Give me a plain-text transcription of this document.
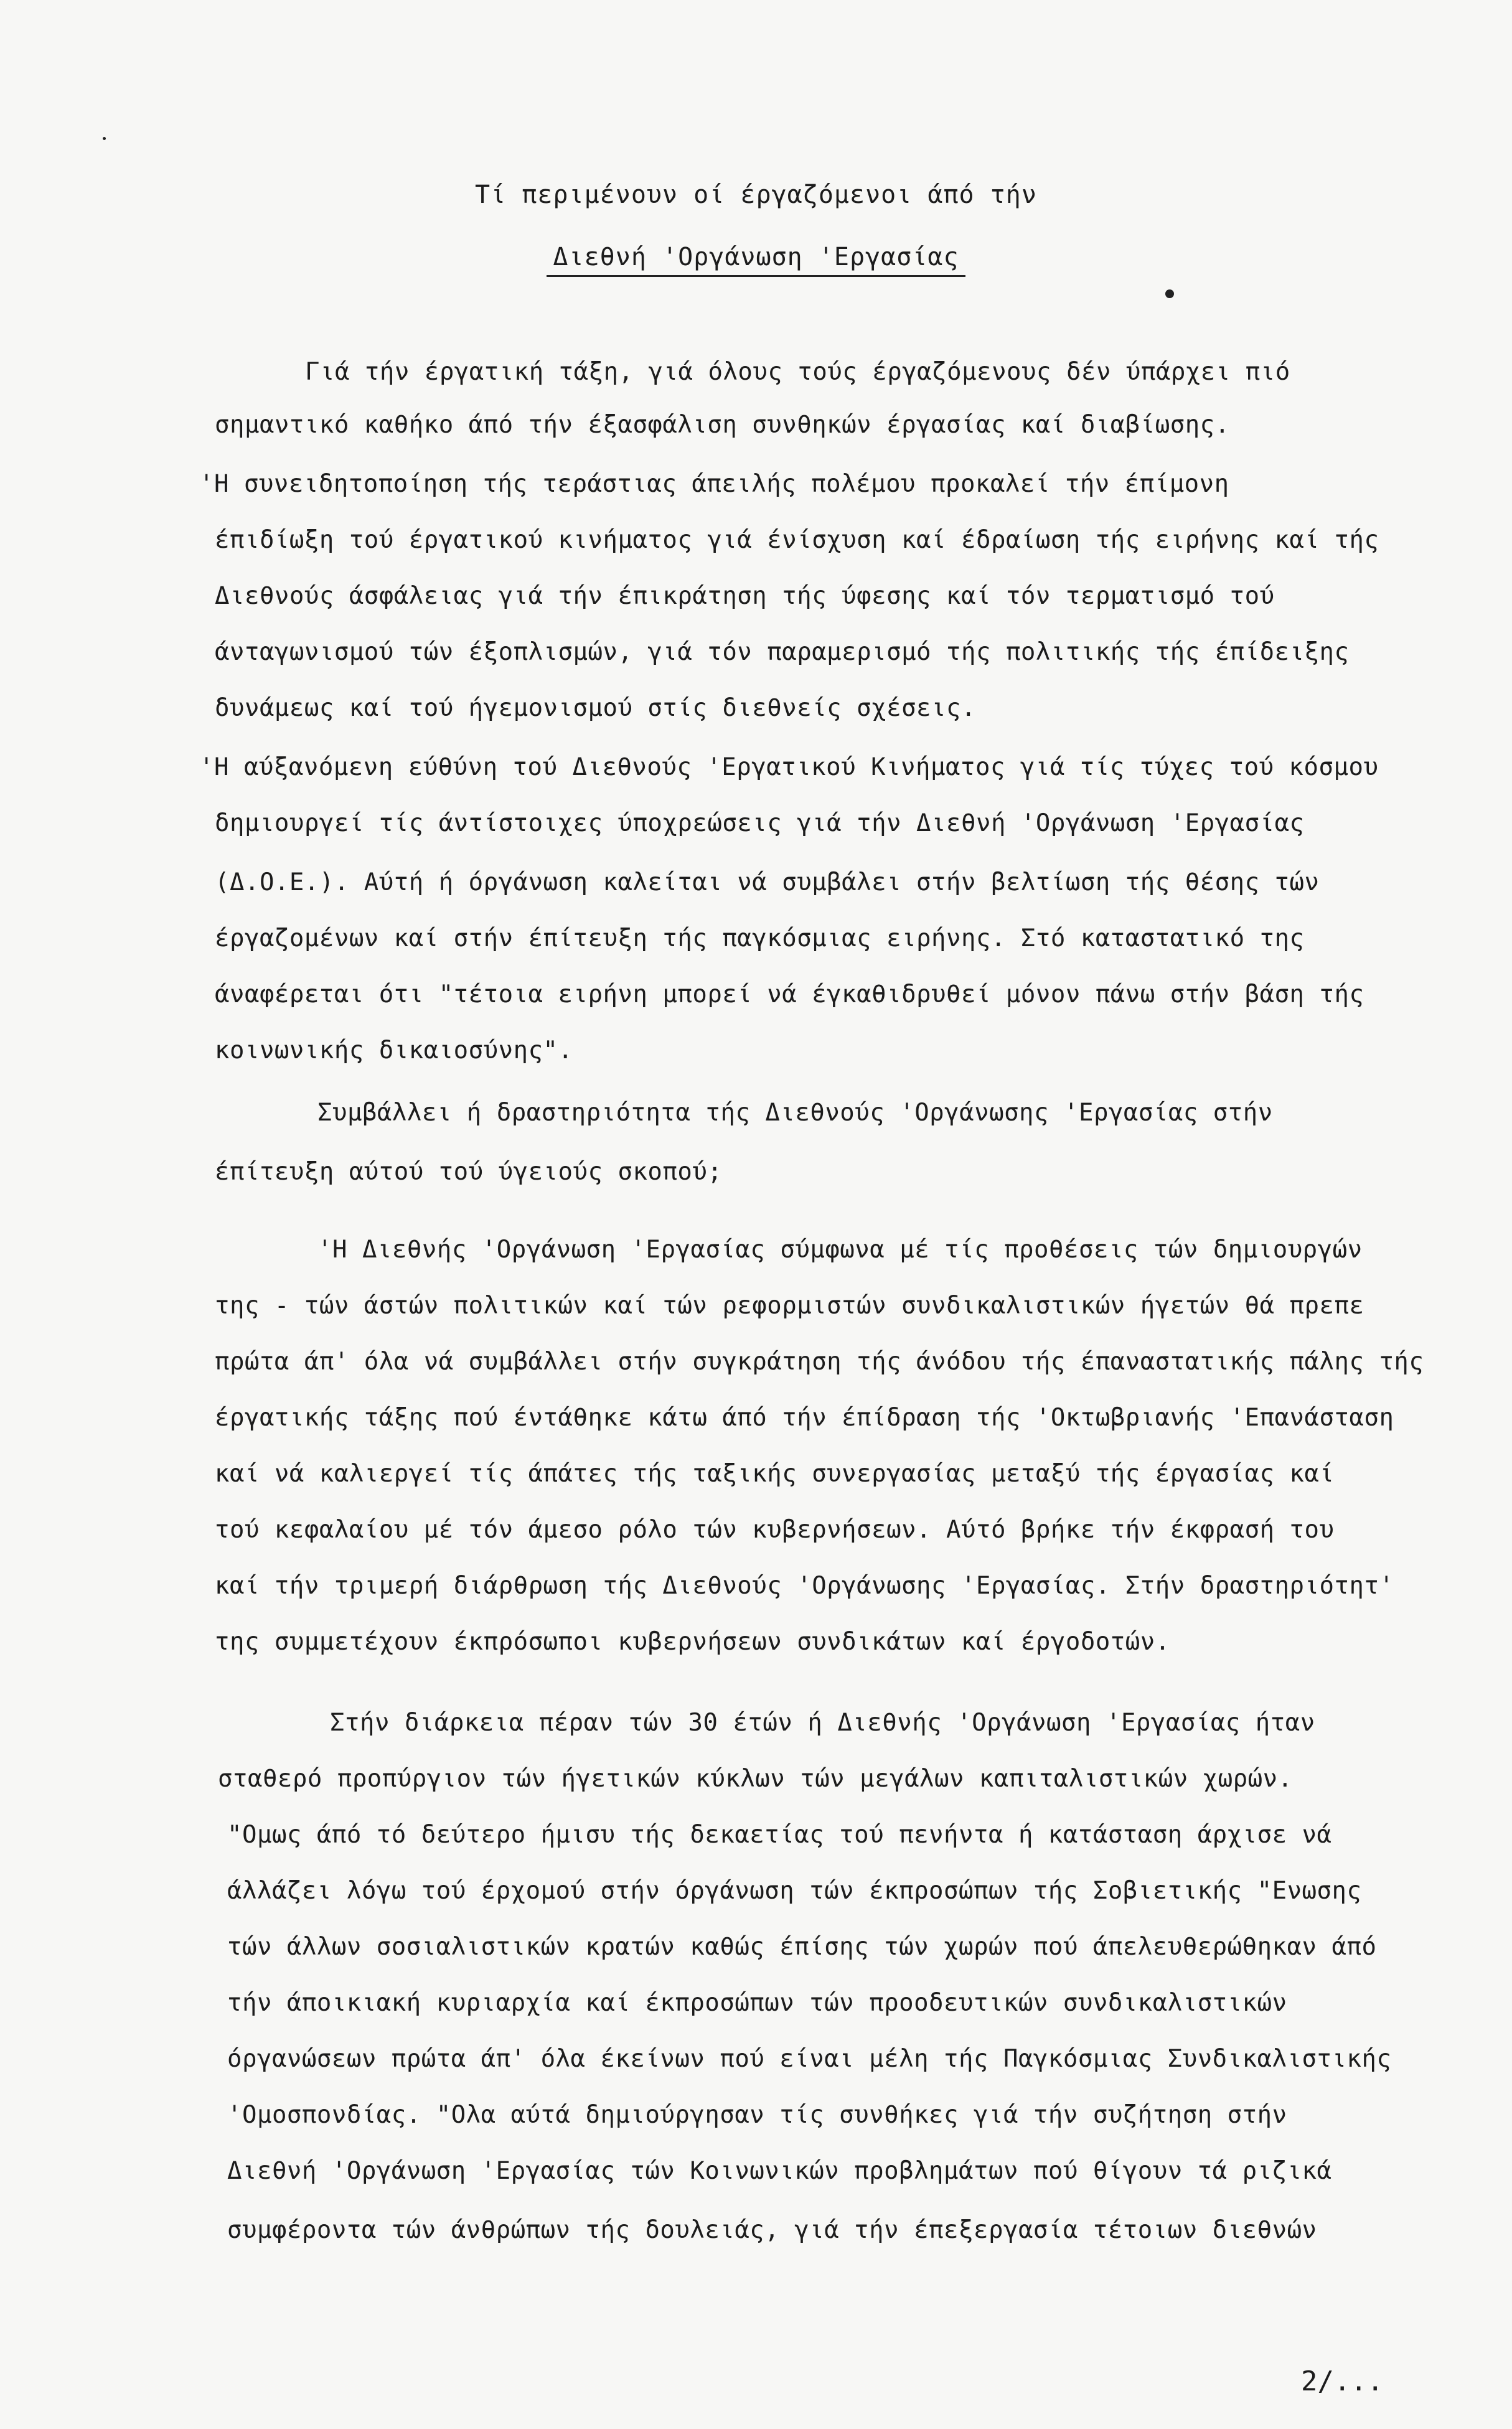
Τί περιμένουν οί έργαζόμενοι άπό τήν
Διεθνή 'Οργάνωση 'Εργασίας
Γιά τήν έργατική τάξη, γιά όλους τούς έργαζόμενους δέν ύπάρχει πιό
σημαντικό καθήκο άπό τήν έξασφάλιση συνθηκών έργασίας καί διαβίωσης.
'Η συνειδητοποίηση τής τεράστιας άπειλής πολέμου προκαλεί τήν έπίμονη
έπιδίωξη τού έργατικού κινήματος γιά ένίσχυση καί έδραίωση τής ειρήνης καί τής
Διεθνούς άσφάλειας γιά τήν έπικράτηση τής ύφεσης καί τόν τερματισμό τού
άνταγωνισμού τών έξοπλισμών, γιά τόν παραμερισμό τής πολιτικής τής έπίδειξης
δυνάμεως καί τού ήγεμονισμού στίς διεθνείς σχέσεις.
'Η αύξανόμενη εύθύνη τού Διεθνούς 'Εργατικού Κινήματος γιά τίς τύχες τού κόσμου
δημιουργεί τίς άντίστοιχες ύποχρεώσεις γιά τήν Διεθνή 'Οργάνωση 'Εργασίας
(Δ.Ο.Ε.). Αύτή ή όργάνωση καλείται νά συμβάλει στήν βελτίωση τής θέσης τών
έργαζομένων καί στήν έπίτευξη τής παγκόσμιας ειρήνης. Στό καταστατικό της
άναφέρεται ότι "τέτοια ειρήνη μπορεί νά έγκαθιδρυθεί μόνον πάνω στήν βάση τής
κοινωνικής δικαιοσύνης".
Συμβάλλει ή δραστηριότητα τής Διεθνούς 'Οργάνωσης 'Εργασίας στήν
έπίτευξη αύτού τού ύγειούς σκοπού;
'Η Διεθνής 'Οργάνωση 'Εργασίας σύμφωνα μέ τίς προθέσεις τών δημιουργών
της - τών άστών πολιτικών καί τών ρεφορμιστών συνδικαλιστικών ήγετών θά πρεπε
πρώτα άπ' όλα νά συμβάλλει στήν συγκράτηση τής άνόδου τής έπαναστατικής πάλης τής
έργατικής τάξης πού έντάθηκε κάτω άπό τήν έπίδραση τής 'Οκτωβριανής 'Επανάσταση
καί νά καλιεργεί τίς άπάτες τής ταξικής συνεργασίας μεταξύ τής έργασίας καί
τού κεφαλαίου μέ τόν άμεσο ρόλο τών κυβερνήσεων. Αύτό βρήκε τήν έκφρασή του
καί τήν τριμερή διάρθρωση τής Διεθνούς 'Οργάνωσης 'Εργασίας. Στήν δραστηριότητ'
της συμμετέχουν έκπρόσωποι κυβερνήσεων συνδικάτων καί έργοδοτών.
Στήν διάρκεια πέραν τών 30 έτών ή Διεθνής 'Οργάνωση 'Εργασίας ήταν
σταθερό προπύργιον τών ήγετικών κύκλων τών μεγάλων καπιταλιστικών χωρών.
"Ομως άπό τό δεύτερο ήμισυ τής δεκαετίας τού πενήντα ή κατάσταση άρχισε νά
άλλάζει λόγω τού έρχομού στήν όργάνωση τών έκπροσώπων τής Σοβιετικής "Ενωσης
τών άλλων σοσιαλιστικών κρατών καθώς έπίσης τών χωρών πού άπελευθερώθηκαν άπό
τήν άποικιακή κυριαρχία καί έκπροσώπων τών προοδευτικών συνδικαλιστικών
όργανώσεων πρώτα άπ' όλα έκείνων πού είναι μέλη τής Παγκόσμιας Συνδικαλιστικής
'Ομοσπονδίας. "Ολα αύτά δημιούργησαν τίς συνθήκες γιά τήν συζήτηση στήν
Διεθνή 'Οργάνωση 'Εργασίας τών Κοινωνικών προβλημάτων πού θίγουν τά ριζικά
συμφέροντα τών άνθρώπων τής δουλειάς, γιά τήν έπεξεργασία τέτοιων διεθνών
2/...
